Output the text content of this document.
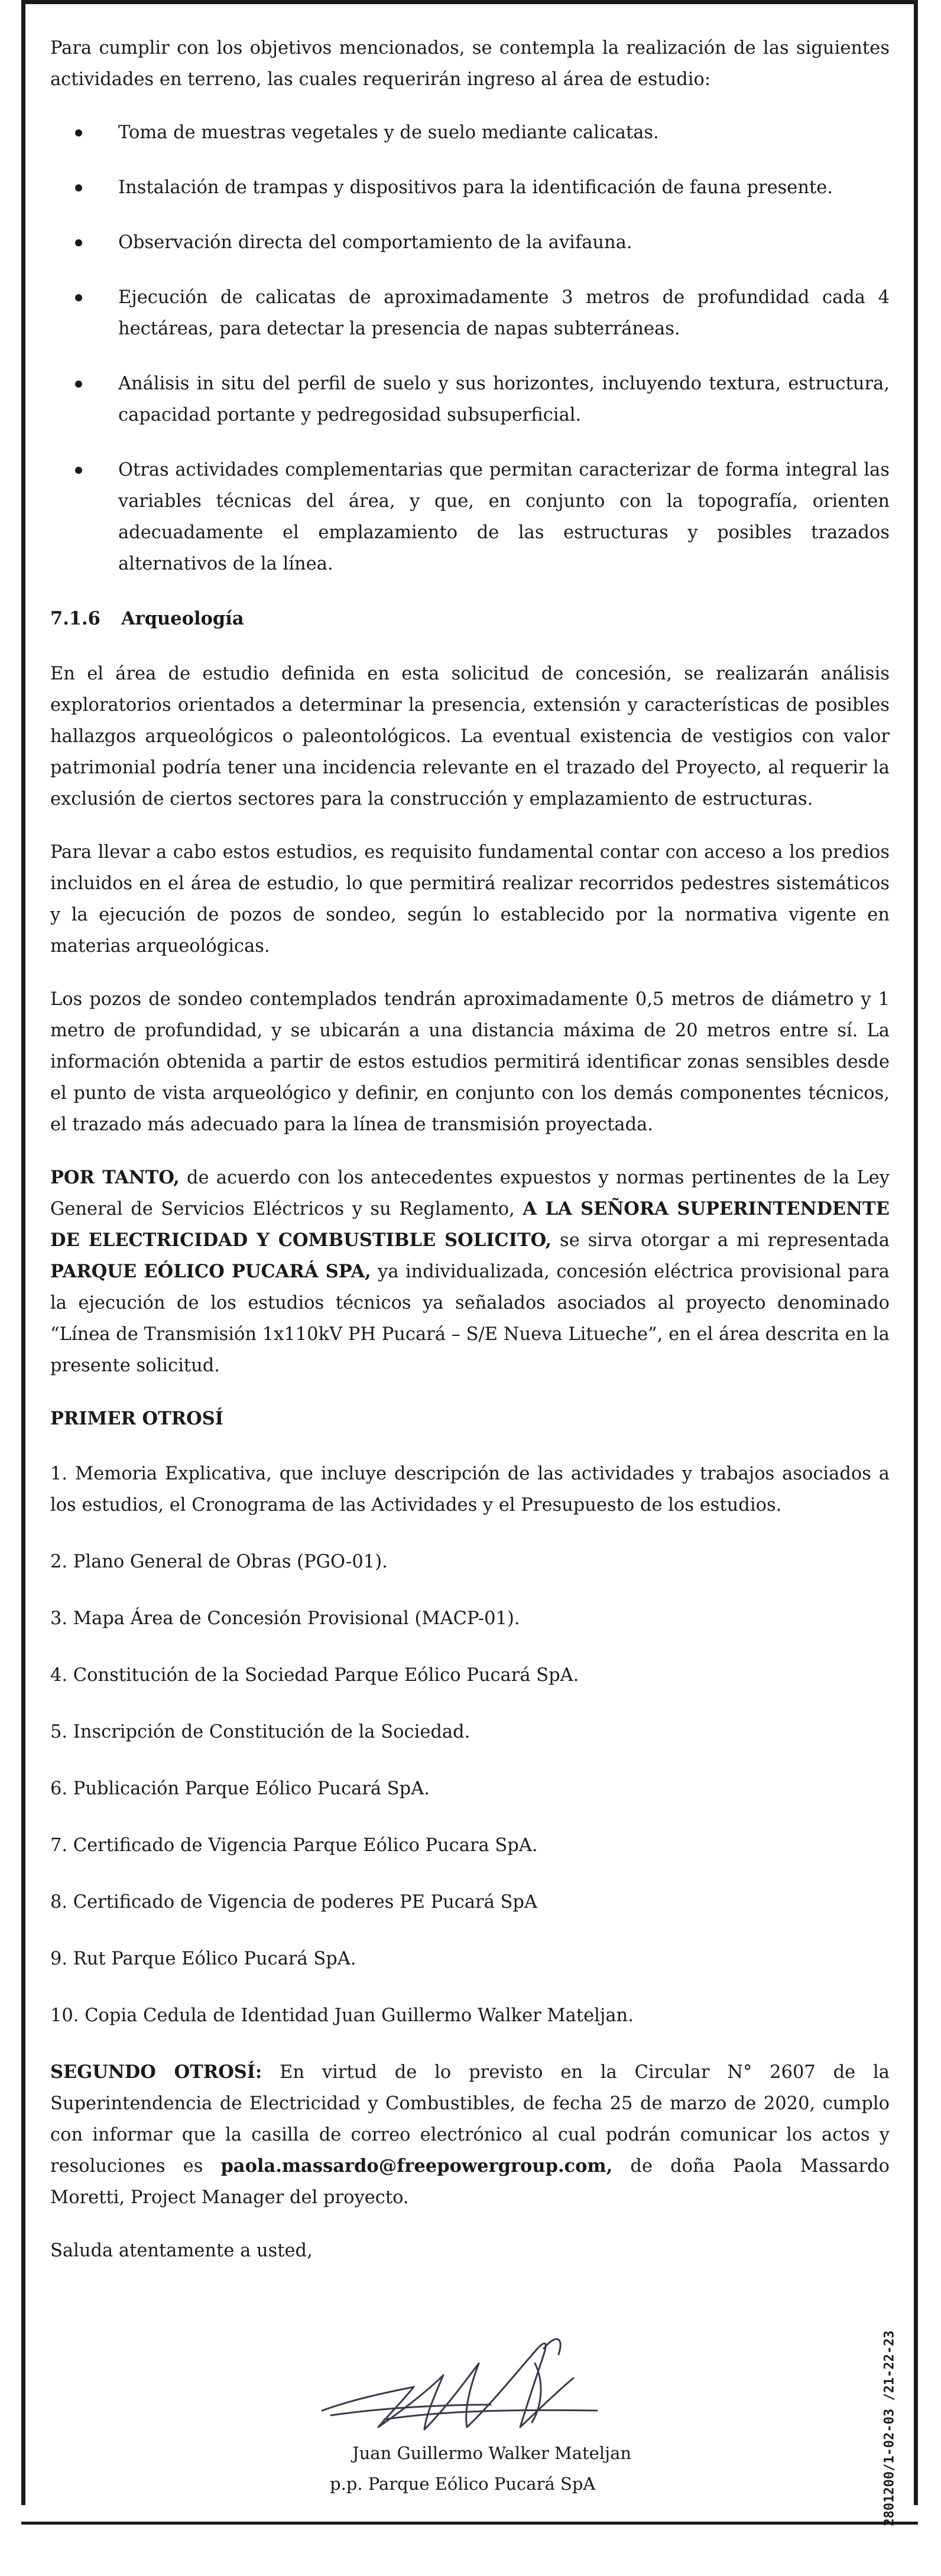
Para cumplir con los objetivos mencionados, se contempla la realización de las siguientes actividades en terreno, las cuales requerirán ingreso al área de estudio:

Toma de muestras vegetales y de suelo mediante calicatas.
Instalación de trampas y dispositivos para la identificación de fauna presente.
Observación directa del comportamiento de la avifauna.
Ejecución de calicatas de aproximadamente 3 metros de profundidad cada 4 hectáreas, para detectar la presencia de napas subterráneas.
Análisis in situ del perfil de suelo y sus horizontes, incluyendo textura, estructura, capacidad portante y pedregosidad subsuperficial.
Otras actividades complementarias que permitan caracterizar de forma integral las variables técnicas del área, y que, en conjunto con la topografía, orienten adecuadamente el emplazamiento de las estructuras y posibles trazados alternativos de la línea.
7.1.6 Arqueología

En el área de estudio definida en esta solicitud de concesión, se realizarán análisis exploratorios orientados a determinar la presencia, extensión y características de posibles hallazgos arqueológicos o paleontológicos. La eventual existencia de vestigios con valor patrimonial podría tener una incidencia relevante en el trazado del Proyecto, al requerir la exclusión de ciertos sectores para la construcción y emplazamiento de estructuras.

Para llevar a cabo estos estudios, es requisito fundamental contar con acceso a los predios incluidos en el área de estudio, lo que permitirá realizar recorridos pedestres sistemáticos y la ejecución de pozos de sondeo, según lo establecido por la normativa vigente en materias arqueológicas.

Los pozos de sondeo contemplados tendrán aproximadamente 0,5 metros de diámetro y 1 metro de profundidad, y se ubicarán a una distancia máxima de 20 metros entre sí. La información obtenida a partir de estos estudios permitirá identificar zonas sensibles desde el punto de vista arqueológico y definir, en conjunto con los demás componentes técnicos, el trazado más adecuado para la línea de transmisión proyectada.

POR TANTO, de acuerdo con los antecedentes expuestos y normas pertinentes de la Ley General de Servicios Eléctricos y su Reglamento, A LA SEÑORA SUPERINTENDENTE DE ELECTRICIDAD Y COMBUSTIBLE SOLICITO, se sirva otorgar a mi representada PARQUE EÓLICO PUCARÁ SPA, ya individualizada, concesión eléctrica provisional para la ejecución de los estudios técnicos ya señalados asociados al proyecto denominado “Línea de Transmisión 1x110kV PH Pucará – S/E Nueva Litueche”, en el área descrita en la presente solicitud.

PRIMER OTROSÍ
1. Memoria Explicativa, que incluye descripción de las actividades y trabajos asociados a los estudios, el Cronograma de las Actividades y el Presupuesto de los estudios.
2. Plano General de Obras (PGO-01).
3. Mapa Área de Concesión Provisional (MACP-01).
4. Constitución de la Sociedad Parque Eólico Pucará SpA.
5. Inscripción de Constitución de la Sociedad.
6. Publicación Parque Eólico Pucará SpA.
7. Certificado de Vigencia Parque Eólico Pucara SpA.
8. Certificado de Vigencia de poderes PE Pucará SpA
9. Rut Parque Eólico Pucará SpA.
10. Copia Cedula de Identidad Juan Guillermo Walker Mateljan.

SEGUNDO OTROSÍ: En virtud de lo previsto en la Circular N° 2607 de la Superintendencia de Electricidad y Combustibles, de fecha 25 de marzo de 2020, cumplo con informar que la casilla de correo electrónico al cual podrán comunicar los actos y resoluciones es paola.massardo@freepowergroup.com, de doña Paola Massardo Moretti, Project Manager del proyecto.

Saluda atentamente a usted,

Juan Guillermo Walker Mateljan
p.p. Parque Eólico Pucará SpA	2801200/1-02-03 /21-22-23
